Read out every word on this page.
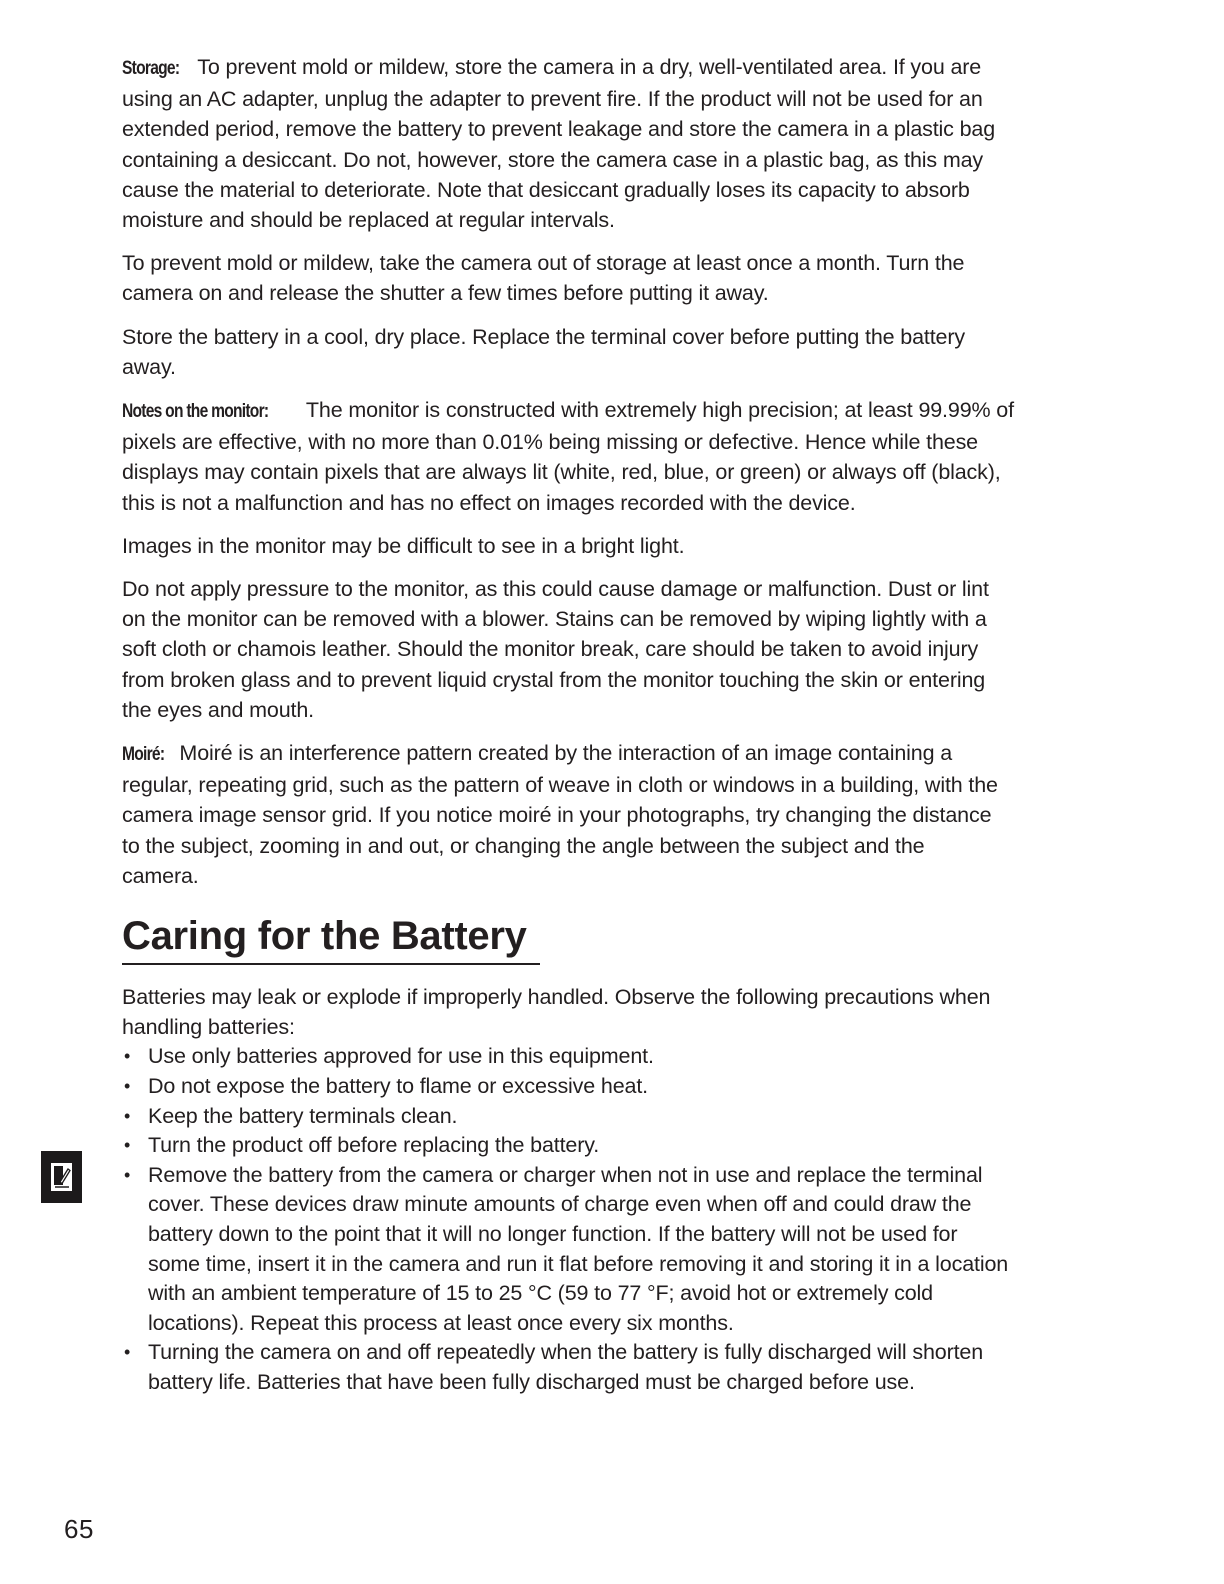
Storage: To prevent mold or mildew, store the camera in a dry, well-ventilated area. If you are
using an AC adapter, unplug the adapter to prevent fire. If the product will not be used for an
extended period, remove the battery to prevent leakage and store the camera in a plastic bag
containing a desiccant. Do not, however, store the camera case in a plastic bag, as this may
cause the material to deteriorate. Note that desiccant gradually loses its capacity to absorb
moisture and should be replaced at regular intervals.

To prevent mold or mildew, take the camera out of storage at least once a month. Turn the
camera on and release the shutter a few times before putting it away.

Store the battery in a cool, dry place. Replace the terminal cover before putting the battery
away.

Notes on the monitor: The monitor is constructed with extremely high precision; at least 99.99% of
pixels are effective, with no more than 0.01% being missing or defective. Hence while these
displays may contain pixels that are always lit (white, red, blue, or green) or always off (black),
this is not a malfunction and has no effect on images recorded with the device.

Images in the monitor may be difficult to see in a bright light.

Do not apply pressure to the monitor, as this could cause damage or malfunction. Dust or lint
on the monitor can be removed with a blower. Stains can be removed by wiping lightly with a
soft cloth or chamois leather. Should the monitor break, care should be taken to avoid injury
from broken glass and to prevent liquid crystal from the monitor touching the skin or entering
the eyes and mouth.

Moiré: Moiré is an interference pattern created by the interaction of an image containing a
regular, repeating grid, such as the pattern of weave in cloth or windows in a building, with the
camera image sensor grid. If you notice moiré in your photographs, try changing the distance
to the subject, zooming in and out, or changing the angle between the subject and the
camera.

Caring for the Battery

Batteries may leak or explode if improperly handled. Observe the following precautions when
handling batteries:

• Use only batteries approved for use in this equipment.
• Do not expose the battery to flame or excessive heat.
• Keep the battery terminals clean.
• Turn the product off before replacing the battery.
• Remove the battery from the camera or charger when not in use and replace the terminal
cover. These devices draw minute amounts of charge even when off and could draw the
battery down to the point that it will no longer function. If the battery will not be used for
some time, insert it in the camera and run it flat before removing it and storing it in a location
with an ambient temperature of 15 to 25 °C (59 to 77 °F; avoid hot or extremely cold
locations). Repeat this process at least once every six months.
• Turning the camera on and off repeatedly when the battery is fully discharged will shorten
battery life. Batteries that have been fully discharged must be charged before use.
65
